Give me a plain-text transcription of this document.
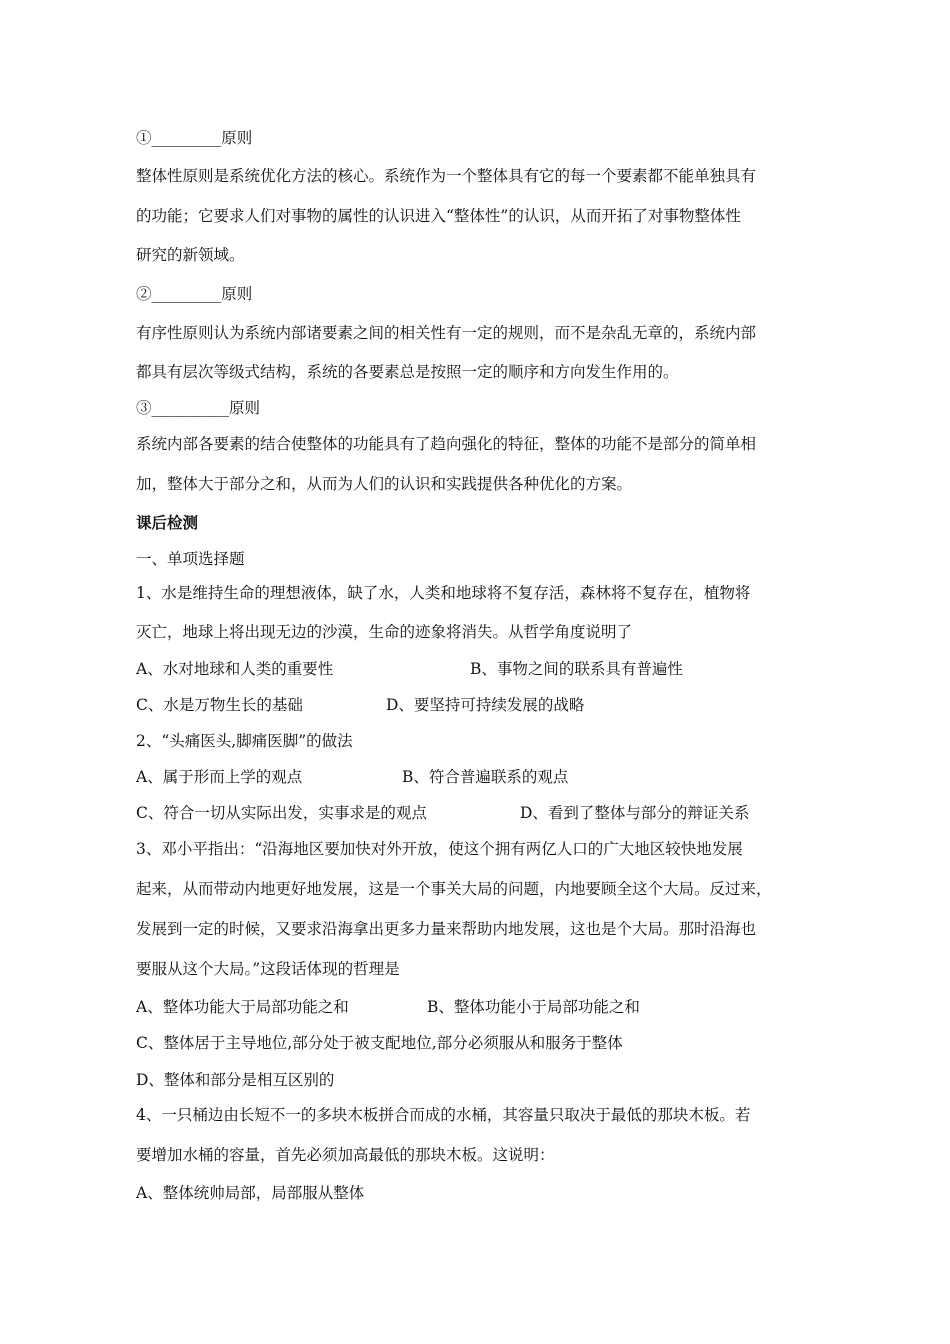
①_________原则
整体性原则是系统优化方法的核心。系统作为一个整体具有它的每一个要素都不能单独具有
的功能；它要求人们对事物的属性的认识进入“整体性”的认识，从而开拓了对事物整体性
研究的新领域。
②_________原则
有序性原则认为系统内部诸要素之间的相关性有一定的规则，而不是杂乱无章的，系统内部
都具有层次等级式结构，系统的各要素总是按照一定的顺序和方向发生作用的。
③__________原则
系统内部各要素的结合使整体的功能具有了趋向强化的特征，整体的功能不是部分的简单相
加，整体大于部分之和，从而为人们的认识和实践提供各种优化的方案。
课后检测
一、单项选择题
1、水是维持生命的理想液体，缺了水，人类和地球将不复存活，森林将不复存在，植物将
灭亡，地球上将出现无边的沙漠，生命的迹象将消失。从哲学角度说明了
A、水对地球和人类的重要性	B、事物之间的联系具有普遍性
C、水是万物生长的基础	D、要坚持可持续发展的战略
2、“头痛医头,脚痛医脚”的做法
A、属于形而上学的观点	B、符合普遍联系的观点
C、符合一切从实际出发，实事求是的观点	D、看到了整体与部分的辩证关系
3、邓小平指出：“沿海地区要加快对外开放，使这个拥有两亿人口的广大地区较快地发展
起来，从而带动内地更好地发展，这是一个事关大局的问题，内地要顾全这个大局。反过来，
发展到一定的时候，又要求沿海拿出更多力量来帮助内地发展，这也是个大局。那时沿海也
要服从这个大局。”这段话体现的哲理是
A、整体功能大于局部功能之和	B、整体功能小于局部功能之和
C、整体居于主导地位,部分处于被支配地位,部分必须服从和服务于整体
D、整体和部分是相互区别的
4、一只桶边由长短不一的多块木板拼合而成的水桶，其容量只取决于最低的那块木板。若
要增加水桶的容量，首先必须加高最低的那块木板。这说明：
A、整体统帅局部，局部服从整体
